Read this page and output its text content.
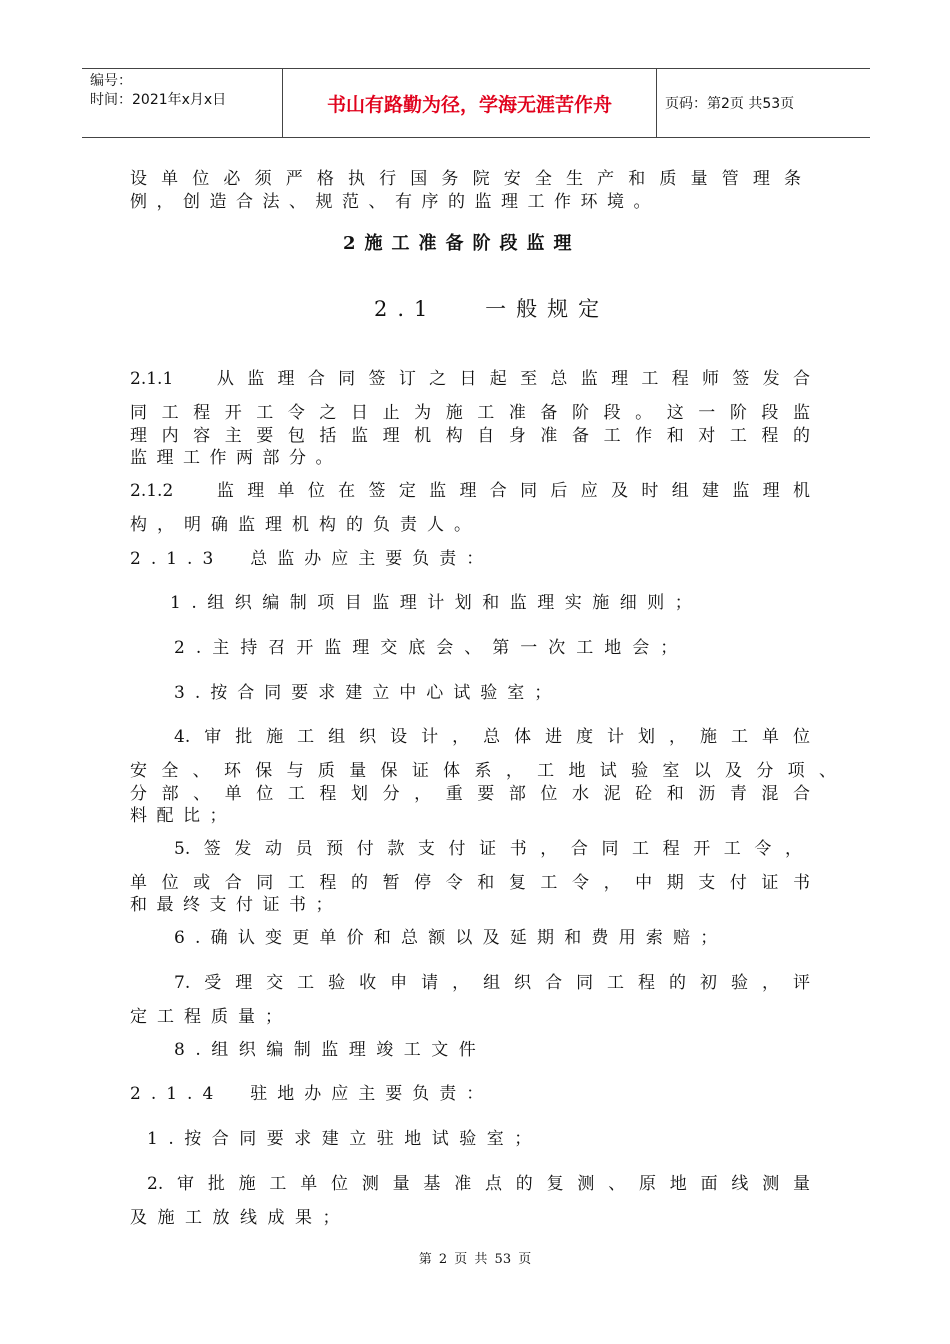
编号：
时间：2021年x月x日	书山有路勤为径，学海无涯苦作舟	页码：第2页 共53页
设单位必须严格执行国务院安全生产和质量管理条
例，创造合法、规范、有序的监理工作环境。
2施工准备阶段监理
2.1　 一般规定
2.1.1　从监理合同签订之日起至总监理工程师签发合
同工程开工令之日止为施工准备阶段。这一阶段监
理内容主要包括监理机构自身准备工作和对工程的
监理工作两部分。
2.1.2　监理单位在签定监理合同后应及时组建监理机
构，明确监理机构的负责人。
2.1.3　总监办应主要负责：
1.组织编制项目监理计划和监理实施细则；
2.主持召开监理交底会、第一次工地会；
3.按合同要求建立中心试验室；
4.审批施工组织设计，总体进度计划，施工单位
安全、环保与质量保证体系，工地试验室以及分项、
分部、单位工程划分，重要部位水泥砼和沥青混合
料配比；
5.签发动员预付款支付证书，合同工程开工令，
单位或合同工程的暂停令和复工令，中期支付证书
和最终支付证书；
6.确认变更单价和总额以及延期和费用索赔；
7.受理交工验收申请，组织合同工程的初验，评
定工程质量；
8.组织编制监理竣工文件
2.1.4　驻地办应主要负责：
1.按合同要求建立驻地试验室；
2.审批施工单位测量基准点的复测、原地面线测量
及施工放线成果；
第 2 页 共 53 页
